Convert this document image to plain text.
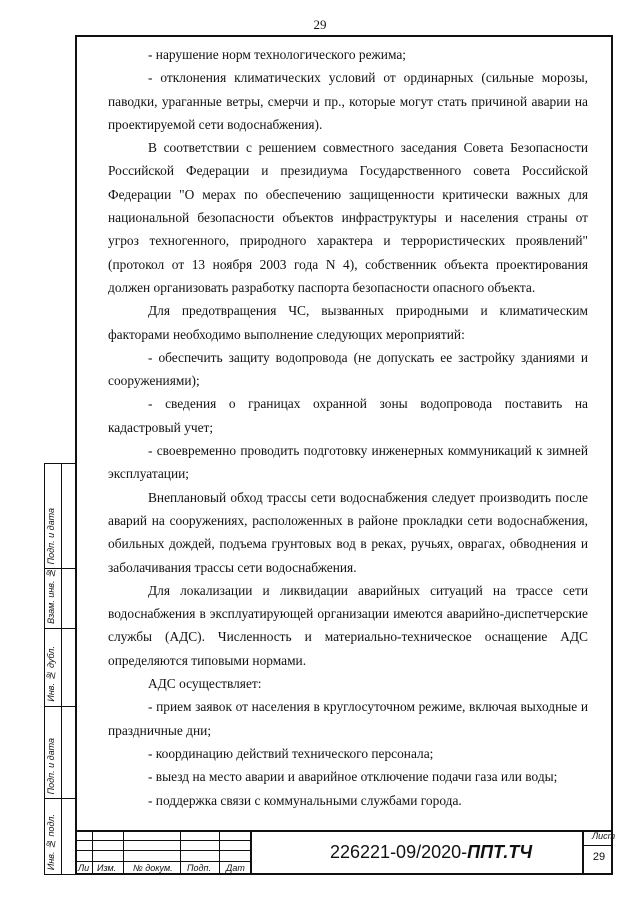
29

- нарушение норм технологического режима;

- отклонения климатических условий от ординарных (сильные морозы, паводки, ураганные ветры, смерчи и пр., которые могут стать причиной аварии на проектируемой сети водоснабжения).

В соответствии с решением совместного заседания Совета Безопасности Российской Федерации и президиума Государственного совета Российской Федерации "О мерах по обеспечению защищенности критически важных для национальной безопасности объектов инфраструктуры и населения страны от угроз техногенного, природного характера и террористических проявлений" (протокол от 13 ноября 2003 года N 4), собственник объекта проектирования должен организовать разработку паспорта безопасности опасного объекта.

Для предотвращения ЧС, вызванных природными и климатическим факторами необходимо выполнение следующих мероприятий:

- обеспечить защиту водопровода (не допускать ее застройку зданиями и сооружениями);

- сведения о границах охранной зоны водопровода поставить на кадастровый учет;

- своевременно проводить подготовку инженерных коммуникаций к зимней эксплуатации;

Внеплановый обход трассы сети водоснабжения следует производить после аварий на сооружениях, расположенных в районе прокладки сети водоснабжения, обильных дождей, подъема грунтовых вод в реках, ручьях, оврагах, обводнения и заболачивания трассы сети водоснабжения.

Для локализации и ликвидации аварийных ситуаций на трассе сети водоснабжения в эксплуатирующей организации имеются аварийно-диспетчерские службы (АДС). Численность и материально-техническое оснащение АДС определяются типовыми нормами.

АДС осуществляет:

- прием заявок от населения в круглосуточном режиме, включая выходные и праздничные дни;

- координацию действий технического персонала;

- выезд на место аварии и аварийное отключение подачи газа или воды;

- поддержка связи с коммунальными службами города.

Подп. и дата
Взам. инв. №
Инв. № дубл.
Подп. и дата
Инв. № подл.	Ли Изм. № докум. Подп. Дат
226221-09/2020-ППТ.ТЧ
Лист
29
